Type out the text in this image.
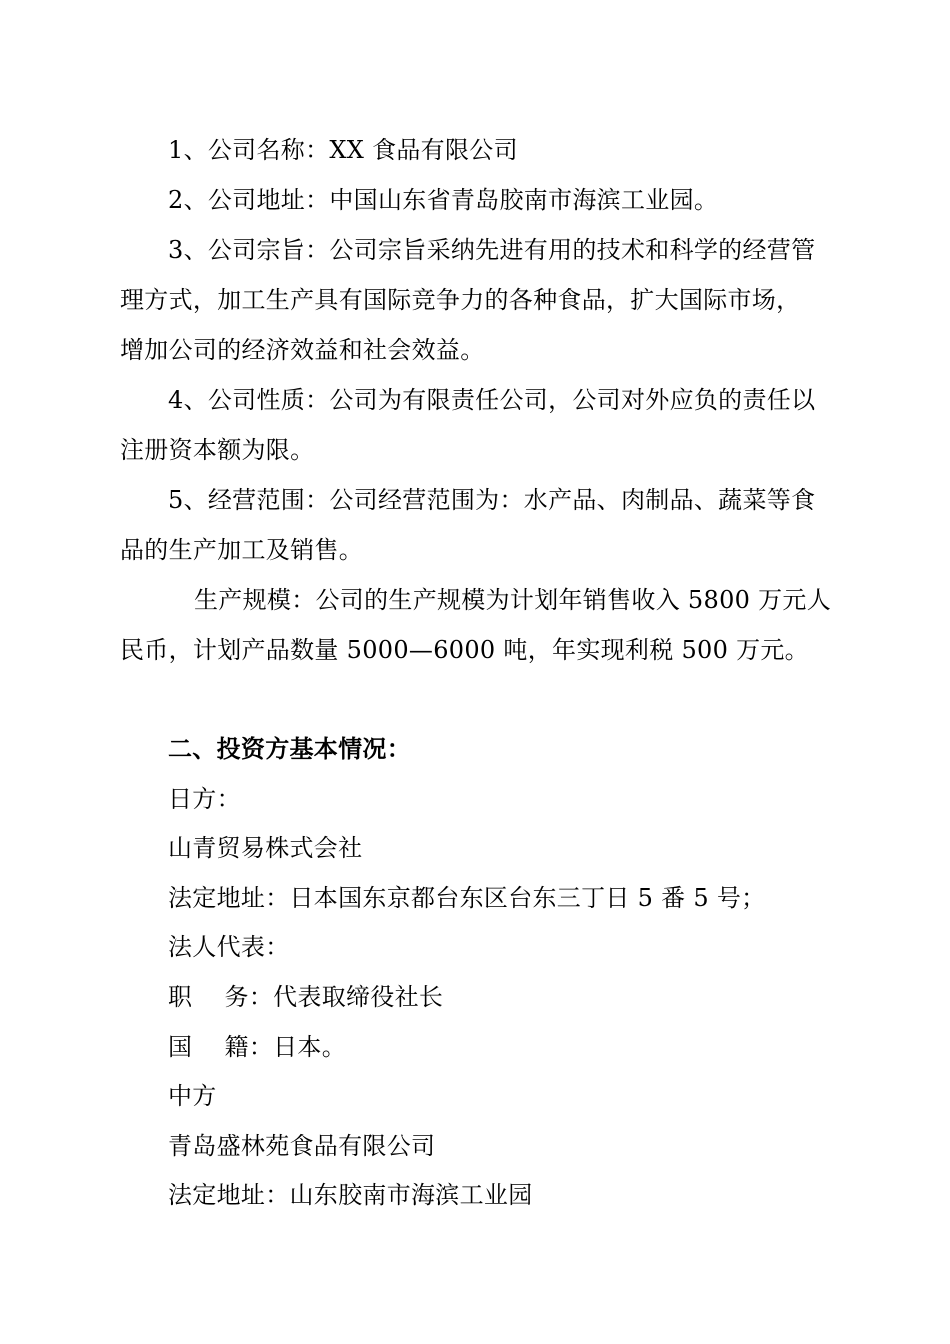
1、公司名称：XX 食品有限公司
2、公司地址：中国山东省青岛胶南市海滨工业园。
3、公司宗旨：公司宗旨采纳先进有用的技术和科学的经营管
理方式，加工生产具有国际竞争力的各种食品，扩大国际市场，
增加公司的经济效益和社会效益。
4、公司性质：公司为有限责任公司，公司对外应负的责任以
注册资本额为限。
5、经营范围：公司经营范围为：水产品、肉制品、蔬菜等食
品的生产加工及销售。
生产规模：公司的生产规模为计划年销售收入 5800 万元人
民币，计划产品数量 5000—6000 吨，年实现利税 500 万元。
二、投资方基本情况：
日方：
山青贸易株式会社
法定地址：日本国东京都台东区台东三丁日 5 番 5 号；
法人代表：
职　 务：代表取缔役社长
国　 籍：日本。
中方
青岛盛林苑食品有限公司
法定地址：山东胶南市海滨工业园
